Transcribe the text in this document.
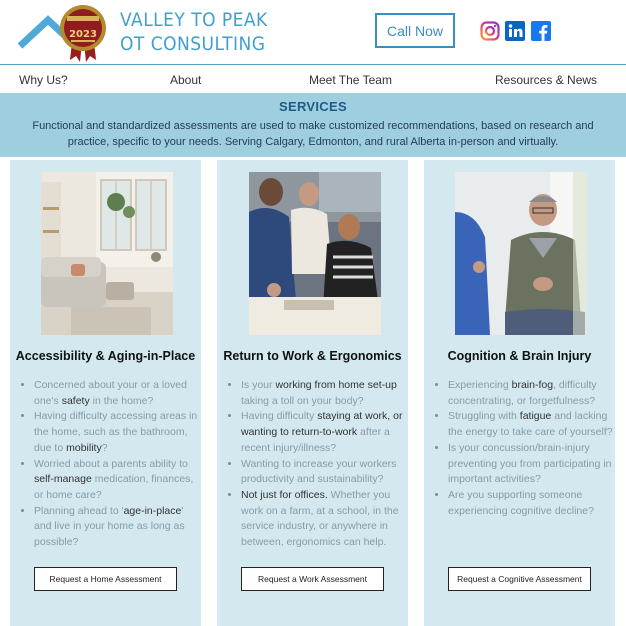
2023
VALLEY TO PEAK
OT CONSULTING
Call Now
Why Us?	About	Meet The Team	Resources & News
SERVICES

Functional and standardized assessments are used to make customized recommendations, based on research and practice, specific to your needs. Serving Calgary, Edmonton, and rural Alberta in-person and virtually.

Accessibility & Aging-in-Place
• Concerned about your or a loved one's safety in the home?
• Having difficulty accessing areas in the home, such as the bathroom, due to mobility?
• Worried about a parents ability to self-manage medication, finances, or home care?
• Planning ahead to 'age-in-place' and live in your home as long as possible?
Request a Home Assessment
Return to Work & Ergonomics
• Is your working from home set-up taking a toll on your body?
• Having difficulty staying at work, or wanting to return-to-work after a recent injury/illness?
• Wanting to increase your workers productivity and sustainability?
• Not just for offices. Whether you work on a farm, at a school, in the service industry, or anywhere in between, ergonomics can help.
Request a Work Assessment
Cognition & Brain Injury
• Experiencing brain-fog, difficulty concentrating, or forgetfulness?
• Struggling with fatigue and lacking the energy to take care of yourself?
• Is your concussion/brain-injury preventing you from participating in important activities?
• Are you supporting someone experiencing cognitive decline?
Request a Cognitive Assessment
